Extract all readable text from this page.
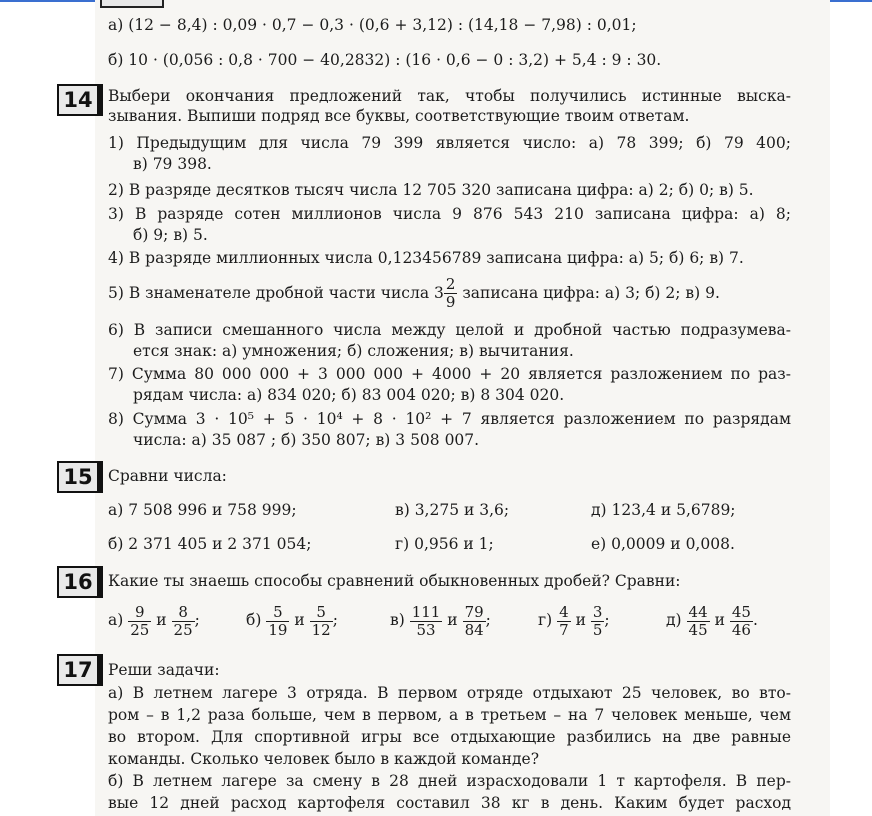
а) (12 − 8,4) : 0,09 · 0,7 − 0,3 · (0,6 + 3,12) : (14,18 − 7,98) : 0,01;
б) 10 · (0,056 : 0,8 · 700 − 40,2832) : (16 · 0,6 − 0 : 3,2) + 5,4 : 9 : 30.
14 Выбери окончания предложений так, чтобы получились истинные выска-
зывания. Выпиши подряд все буквы, соответствующие твоим ответам.
1) Предыдущим для числа 79 399 является число: а) 78 399; б) 79 400;
в) 79 398.
2) В разряде десятков тысяч числа 12 705 320 записана цифра: а) 2; б) 0; в) 5.
3) В разряде сотен миллионов числа 9 876 543 210 записана цифра: а) 8;
б) 9; в) 5.
4) В разряде миллионных числа 0,123456789 записана цифра: а) 5; б) 6; в) 7.
5) В знаменателе дробной части числа $3 \frac{2}{9}$ записана цифра: а) 3; б) 2; в) 9.
6) В записи смешанного числа между целой и дробной частью подразумева-
ется знак: а) умножения; б) сложения; в) вычитания.
7) Сумма 80 000 000 + 3 000 000 + 4000 + 20 является разложением по раз-
рядам числа: а) 834 020; б) 83 004 020; в) 8 304 020.
8) Сумма 3 · 10⁵ + 5 · 10⁴ + 8 · 10² + 7 является разложением по разрядам
числа: а) 35 087 ; б) 350 807; в) 3 508 007.
15 Сравни числа:
а) 7 508 996 и 758 999;	в) 3,275 и 3,6;	д) 123,4 и 5,6789;
б) 2 371 405 и 2 371 054;	г) 0,956 и 1;	е) 0,0009 и 0,008.
16 Какие ты знаешь способы сравнений обыкновенных дробей? Сравни:
$а) \frac{9}{25}$ и $\frac{8}{25}$ ;	$б) \frac{5}{19}$ и $\frac{5}{12}$ ;	$в) \frac{111}{53}$ и $\frac{79}{84}$ ;	$г) \frac{4}{7}$ и $\frac{3}{5}$ ;	$д) \frac{44}{45}$ и $\frac{45}{46}$ .
17 Реши задачи:
а) В летнем лагере 3 отряда. В первом отряде отдыхают 25 человек, во вто-
ром – в 1,2 раза больше, чем в первом, а в третьем – на 7 человек меньше, чем
во втором. Для спортивной игры все отдыхающие разбились на две равные
команды. Сколько человек было в каждой команде?
б) В летнем лагере за смену в 28 дней израсходовали 1 т картофеля. В пер-
вые 12 дней расход картофеля составил 38 кг в день. Каким будет расход
